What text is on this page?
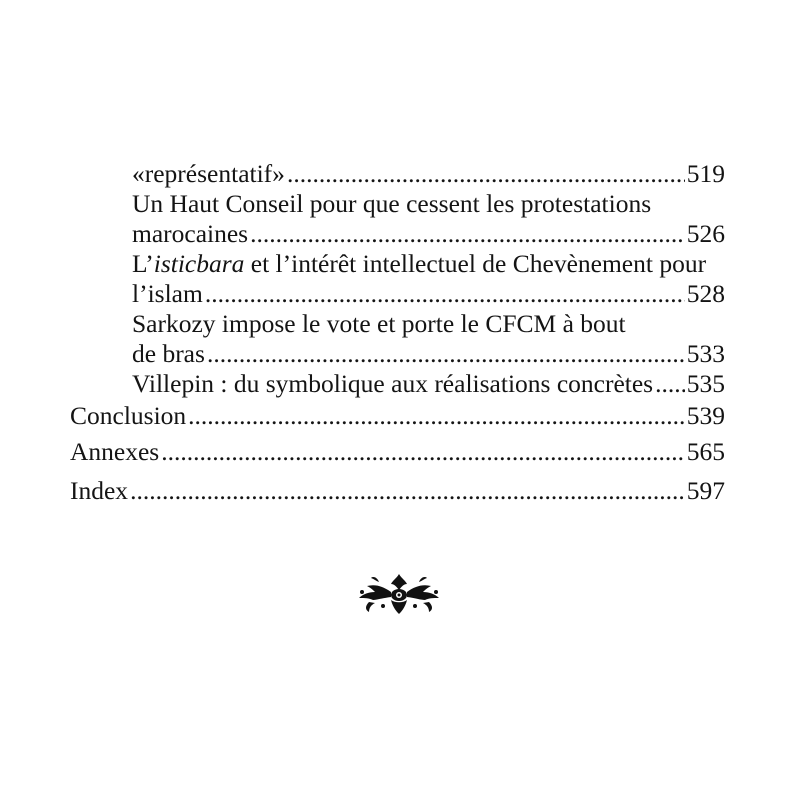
«représentatif» .....	519
Un Haut Conseil pour que cessent les protestations
marocaines .....	526
L’isticbara et l’intérêt intellectuel de Chevènement pour
l’islam .....	528
Sarkozy impose le vote et porte le CFCM à bout
de bras .....	533
Villepin : du symbolique aux réalisations concrètes ..... 535
Conclusion .....	539
Annexes .....	565
Index .....	597
